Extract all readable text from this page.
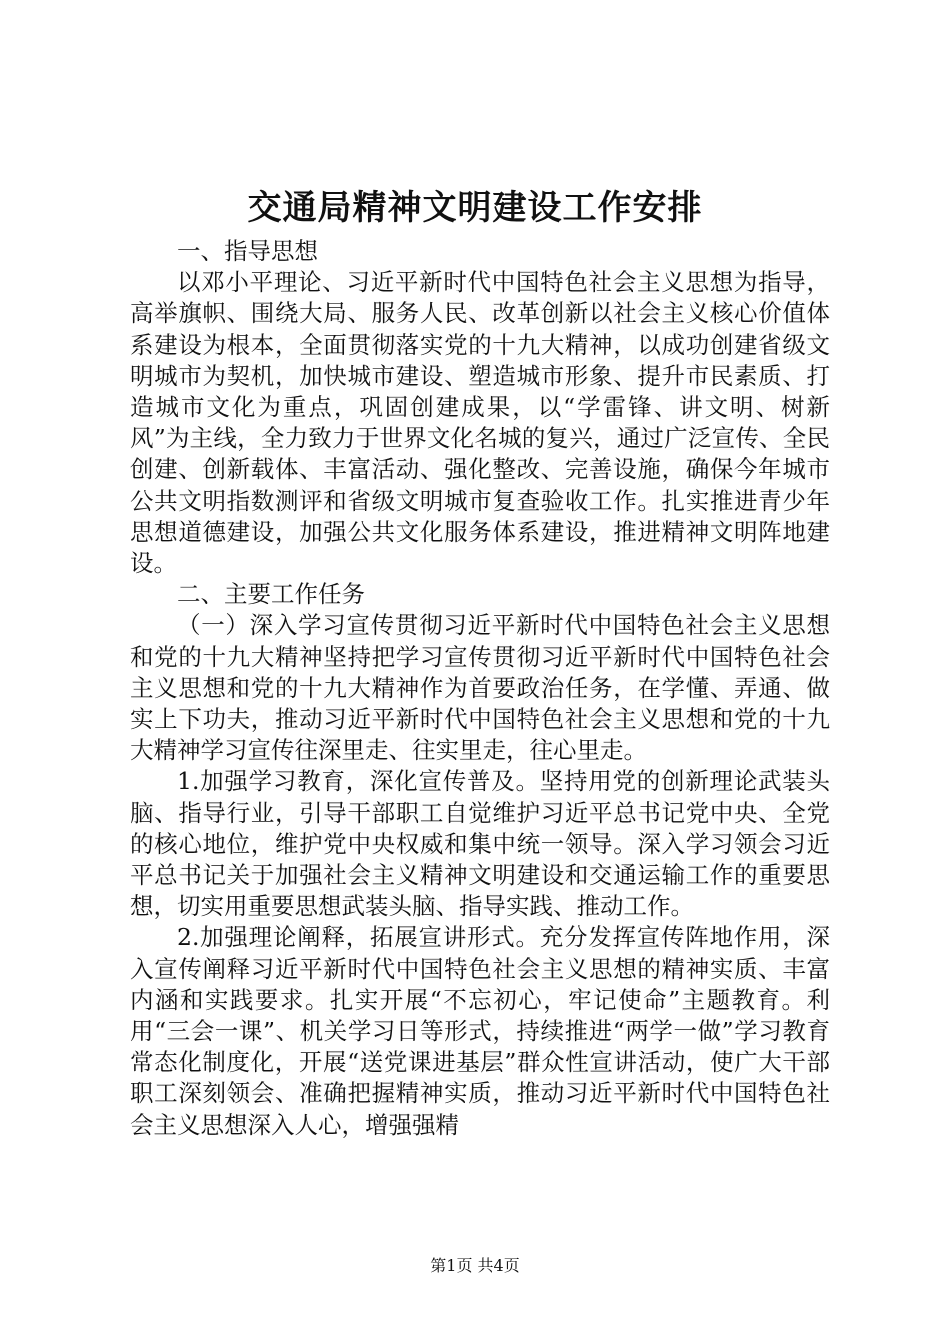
交通局精神文明建设工作安排

一、指导思想

以邓小平理论、习近平新时代中国特色社会主义思想为指导，高举旗帜、围绕大局、服务人民、改革创新以社会主义核心价值体系建设为根本，全面贯彻落实党的十九大精神，以成功创建省级文明城市为契机，加快城市建设、塑造城市形象、提升市民素质、打造城市文化为重点，巩固创建成果，以“学雷锋、讲文明、树新风”为主线，全力致力于世界文化名城的复兴，通过广泛宣传、全民创建、创新载体、丰富活动、强化整改、完善设施，确保今年城市公共文明指数测评和省级文明城市复查验收工作。扎实推进青少年思想道德建设，加强公共文化服务体系建设，推进精神文明阵地建设。

二、主要工作任务

（一）深入学习宣传贯彻习近平新时代中国特色社会主义思想和党的十九大精神坚持把学习宣传贯彻习近平新时代中国特色社会主义思想和党的十九大精神作为首要政治任务，在学懂、弄通、做实上下功夫，推动习近平新时代中国特色社会主义思想和党的十九大精神学习宣传往深里走、往实里走，往心里走。

1.加强学习教育，深化宣传普及。坚持用党的创新理论武装头脑、指导行业，引导干部职工自觉维护习近平总书记党中央、全党的核心地位，维护党中央权威和集中统一领导。深入学习领会习近平总书记关于加强社会主义精神文明建设和交通运输工作的重要思想，切实用重要思想武装头脑、指导实践、推动工作。

2.加强理论阐释，拓展宣讲形式。充分发挥宣传阵地作用，深入宣传阐释习近平新时代中国特色社会主义思想的精神实质、丰富内涵和实践要求。扎实开展“不忘初心，牢记使命”主题教育。利用“三会一课”、机关学习日等形式，持续推进“两学一做”学习教育常态化制度化，开展“送党课进基层”群众性宣讲活动，使广大干部职工深刻领会、准确把握精神实质，推动习近平新时代中国特色社会主义思想深入人心，增强强精

第1页 共4页
